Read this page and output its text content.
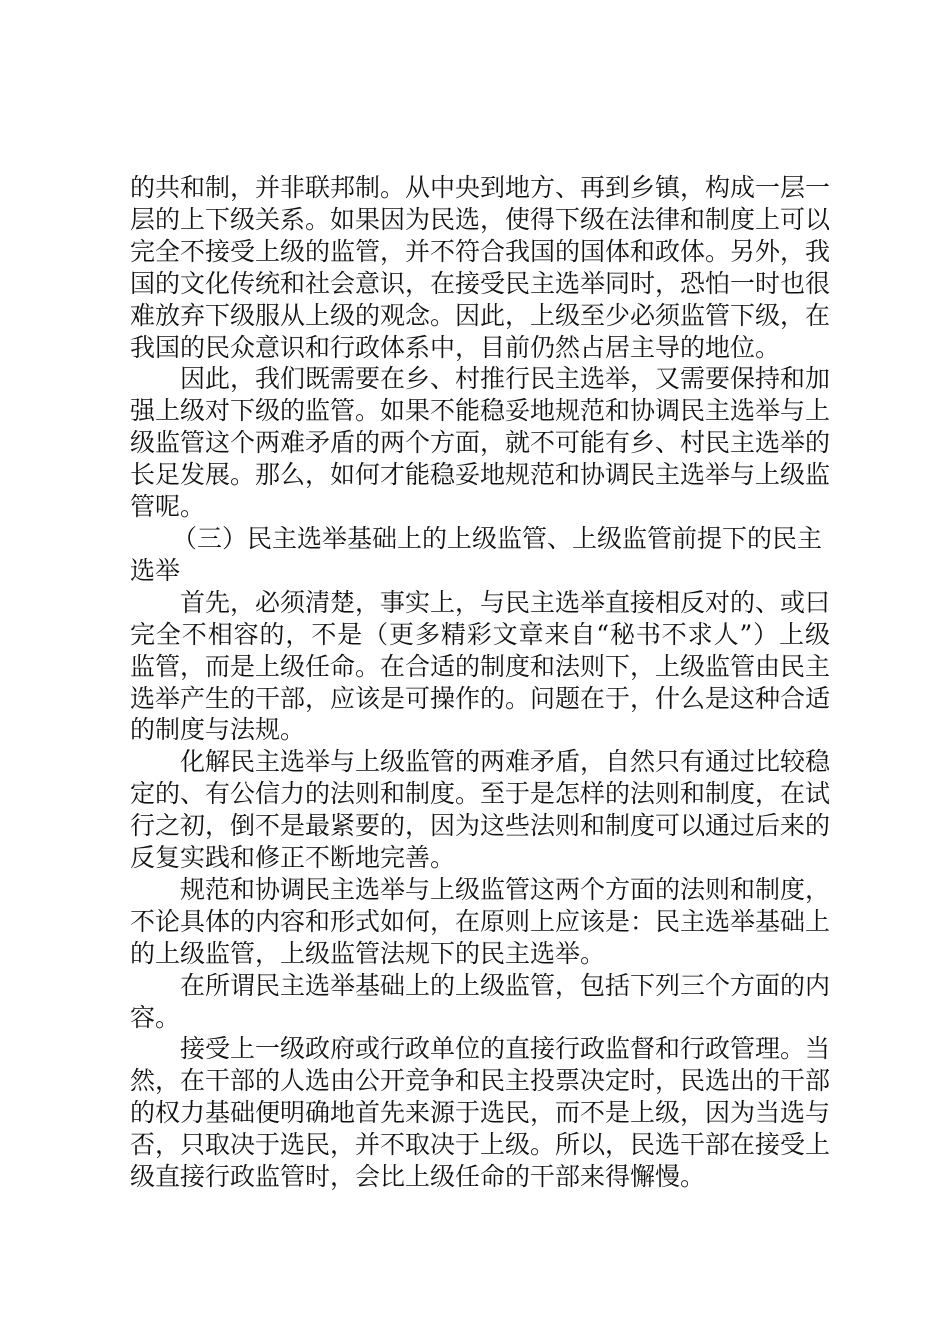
的共和制，并非联邦制。从中央到地方、再到乡镇，构成一层一层的上下级关系。如果因为民选，使得下级在法律和制度上可以完全不接受上级的监管，并不符合我国的国体和政体。另外，我国的文化传统和社会意识，在接受民主选举同时，恐怕一时也很难放弃下级服从上级的观念。因此，上级至少必须监管下级，在我国的民众意识和行政体系中，目前仍然占居主导的地位。

因此，我们既需要在乡、村推行民主选举，又需要保持和加强上级对下级的监管。如果不能稳妥地规范和协调民主选举与上级监管这个两难矛盾的两个方面，就不可能有乡、村民主选举的长足发展。那么，如何才能稳妥地规范和协调民主选举与上级监管呢。

（三）民主选举基础上的上级监管、上级监管前提下的民主选举

首先，必须清楚，事实上，与民主选举直接相反对的、或曰完全不相容的，不是（更多精彩文章来自“秘书不求人”）上级监管，而是上级任命。在合适的制度和法则下，上级监管由民主选举产生的干部，应该是可操作的。问题在于，什么是这种合适的制度与法规。

化解民主选举与上级监管的两难矛盾，自然只有通过比较稳定的、有公信力的法则和制度。至于是怎样的法则和制度，在试行之初，倒不是最紧要的，因为这些法则和制度可以通过后来的反复实践和修正不断地完善。

规范和协调民主选举与上级监管这两个方面的法则和制度，不论具体的内容和形式如何，在原则上应该是：民主选举基础上的上级监管，上级监管法规下的民主选举。

在所谓民主选举基础上的上级监管，包括下列三个方面的内容。

接受上一级政府或行政单位的直接行政监督和行政管理。当然，在干部的人选由公开竞争和民主投票决定时，民选出的干部的权力基础便明确地首先来源于选民，而不是上级，因为当选与否，只取决于选民，并不取决于上级。所以，民选干部在接受上级直接行政监管时，会比上级任命的干部来得懈慢。
